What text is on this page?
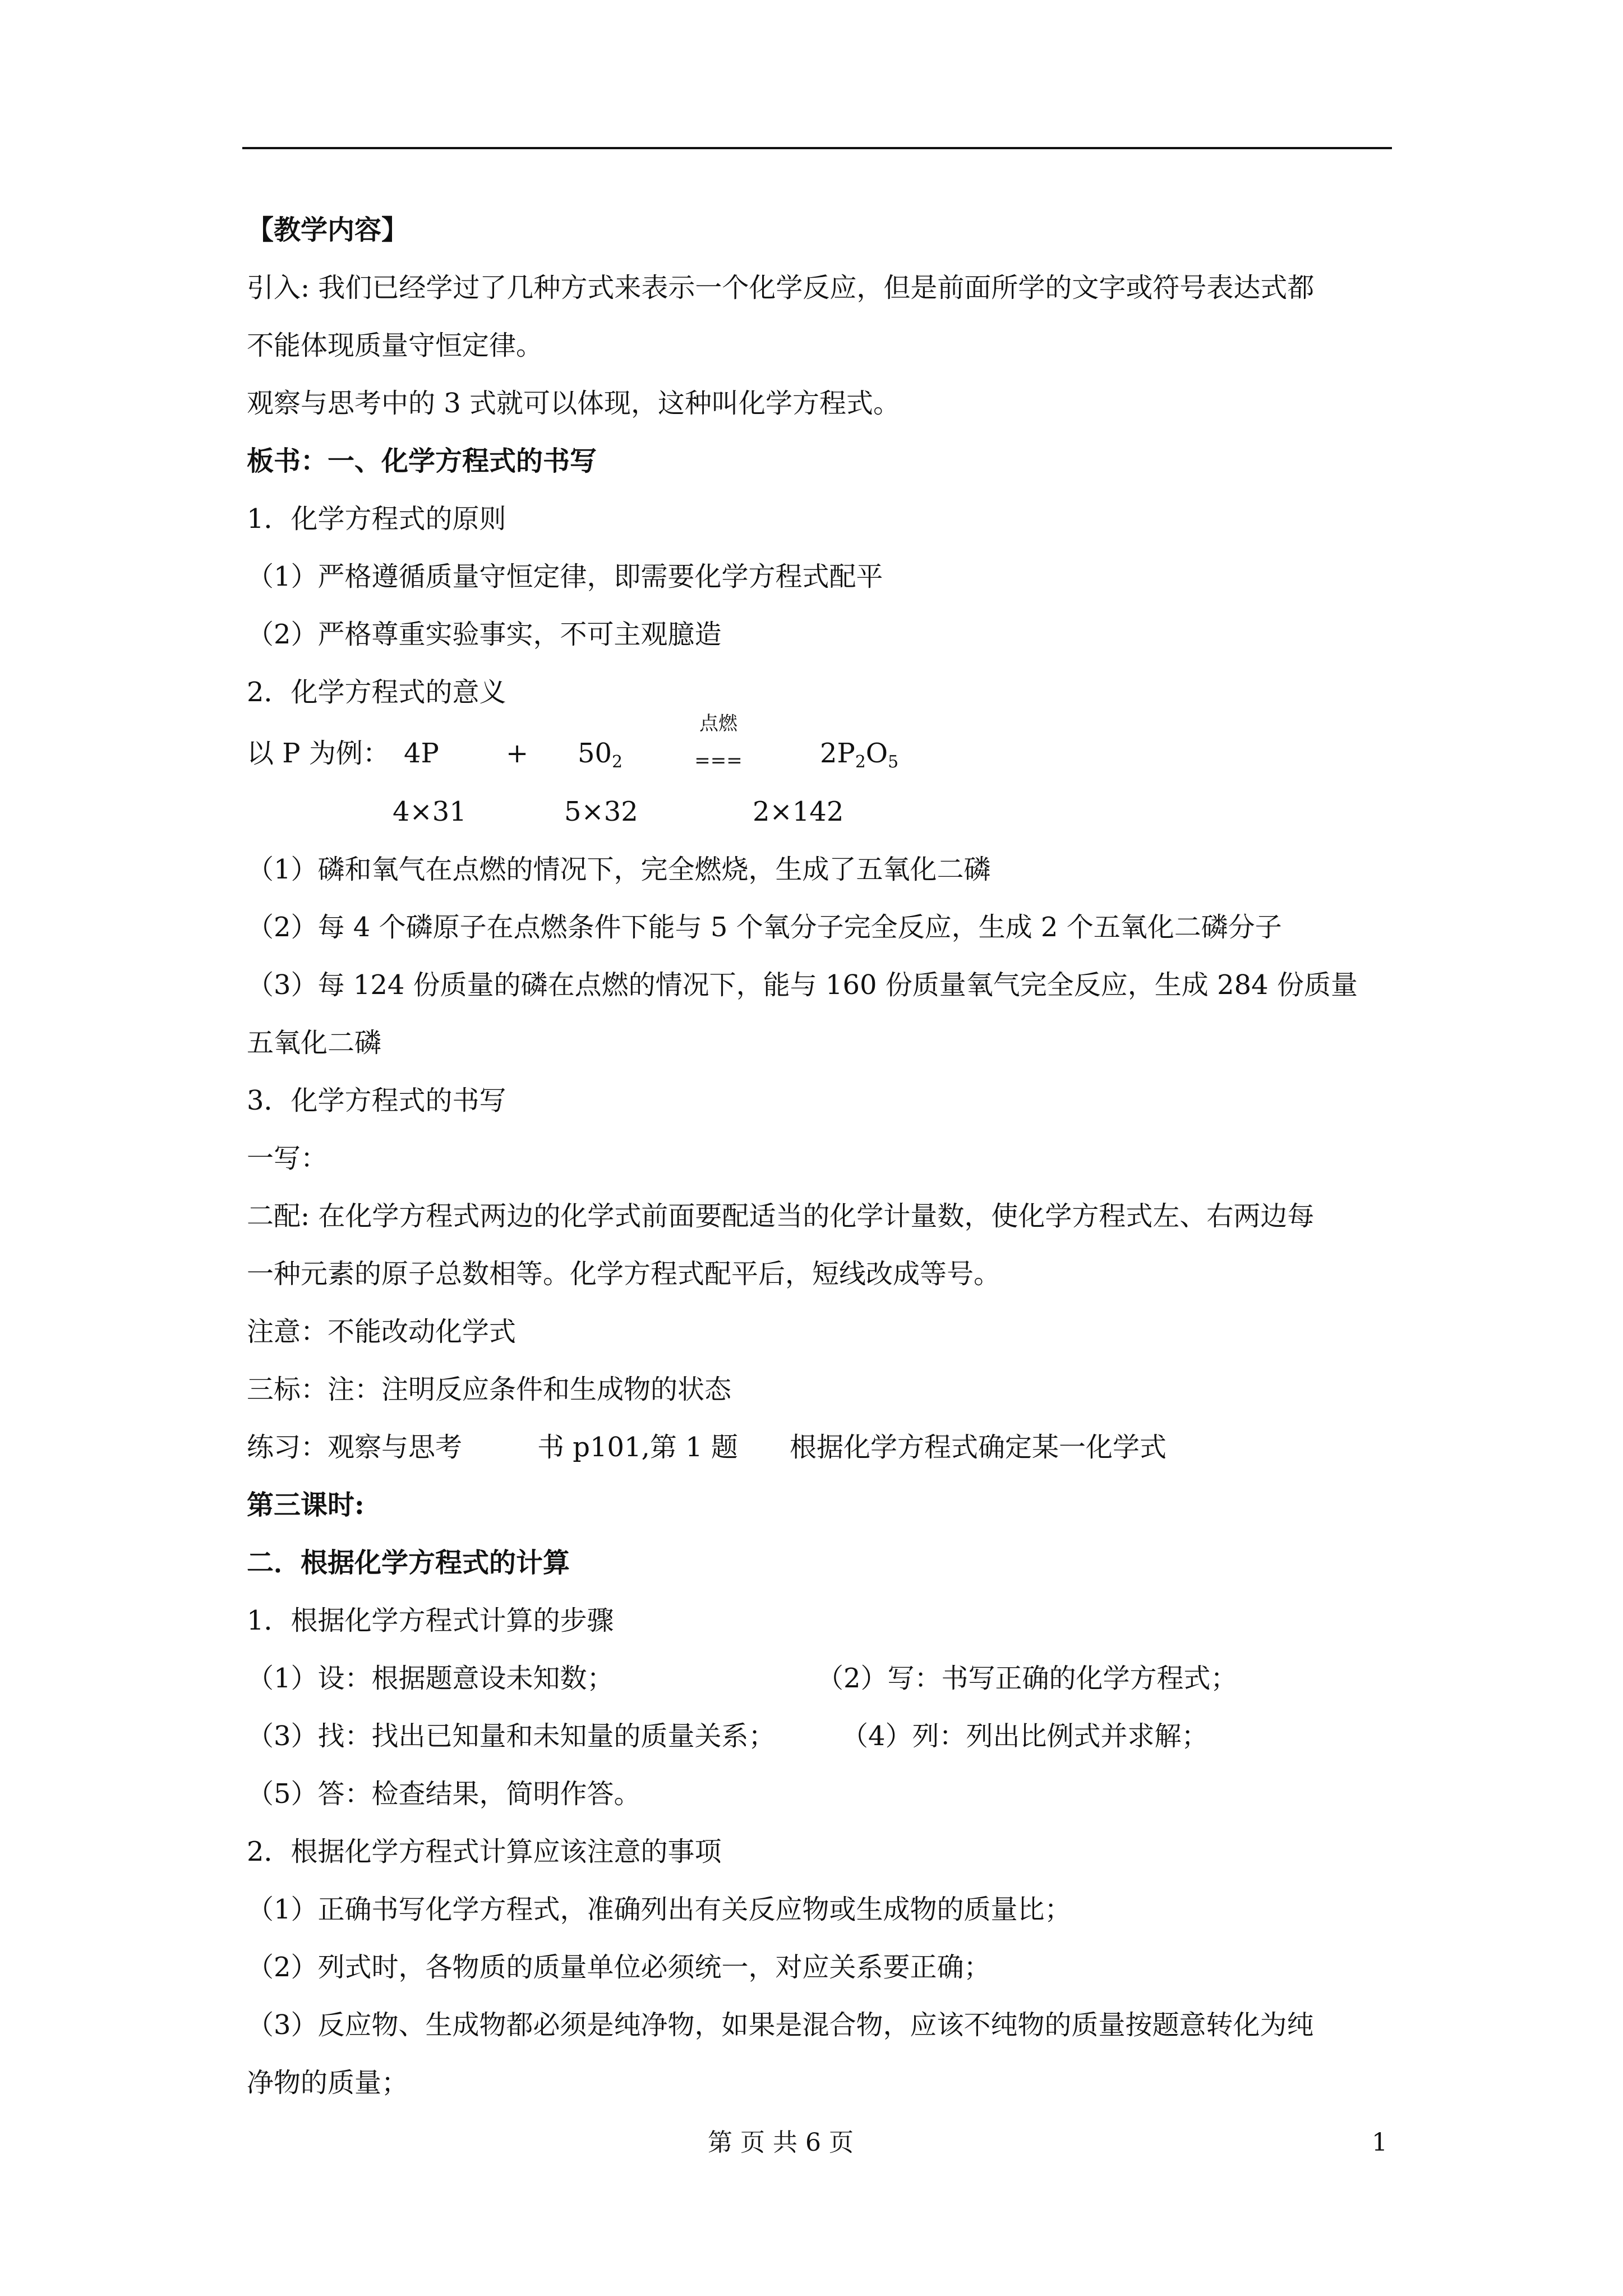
【教学内容】
引入: 我们已经学过了几种方式来表示一个化学反应，但是前面所学的文字或符号表达式都
不能体现质量守恒定律。
观察与思考中的 3 式就可以体现，这种叫化学方程式。
板书：一、化学方程式的书写
1．化学方程式的原则
（1）严格遵循质量守恒定律，即需要化学方程式配平
（2）严格尊重实验事实，不可主观臆造
2．化学方程式的意义
以 P 为例： $4P + 50_2$
点燃
===	$2P_2O_5$
4×31	5×32	2×142
（1）磷和氧气在点燃的情况下，完全燃烧，生成了五氧化二磷
（2）每 4 个磷原子在点燃条件下能与 5 个氧分子完全反应，生成 2 个五氧化二磷分子
（3）每 124 份质量的磷在点燃的情况下，能与 160 份质量氧气完全反应，生成 284 份质量
五氧化二磷
3．化学方程式的书写
一写：
二配: 在化学方程式两边的化学式前面要配适当的化学计量数，使化学方程式左、右两边每
一种元素的原子总数相等。化学方程式配平后，短线改成等号。
注意：不能改动化学式
三标：注：注明反应条件和生成物的状态
练习：观察与思考	书 p101,第 1 题 根据化学方程式确定某一化学式
第三课时:
二．根据化学方程式的计算
1．根据化学方程式计算的步骤
（1）设：根据题意设未知数；	（2）写：书写正确的化学方程式；
（3）找：找出已知量和未知量的质量关系； （4）列：列出比例式并求解；
（5）答：检查结果，简明作答。
2．根据化学方程式计算应该注意的事项
（1）正确书写化学方程式，准确列出有关反应物或生成物的质量比；
（2）列式时，各物质的质量单位必须统一，对应关系要正确；
（3）反应物、生成物都必须是纯净物，如果是混合物，应该不纯物的质量按题意转化为纯
净物的质量；
第 页 共 6 页	1
